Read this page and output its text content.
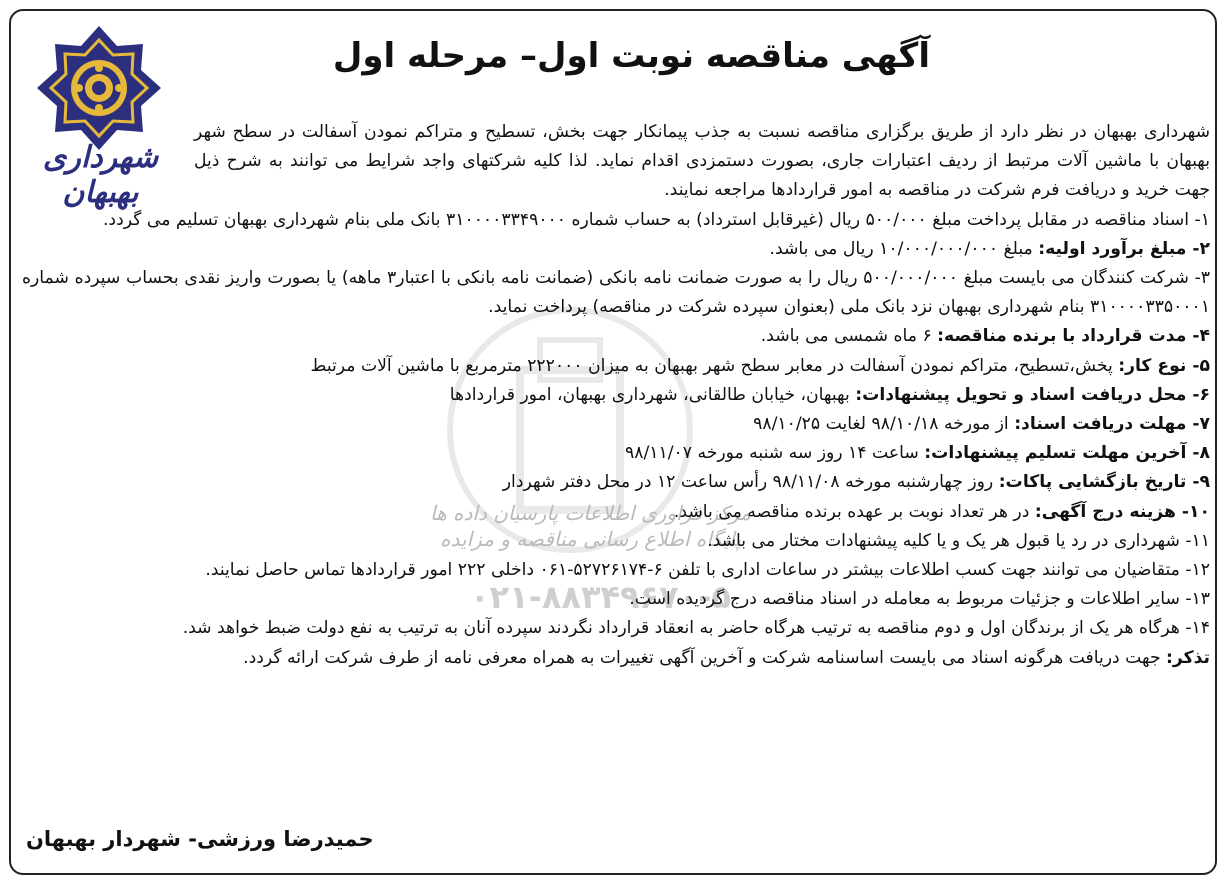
شهرداری بهبهان
مرکز فراوری اطلاعات پارسیان داده ها
پایگاه اطلاع رسانی مناقصه و مزایده
۰۲۱-۸۸۳۴۹۶۷۰-۵
آگهی مناقصه نوبت اول– مرحله اول

شهرداری بهبهان در نظر دارد از طریق برگزاری مناقصه نسبت به جذب پیمانکار جهت بخش، تسطیح و متراکم نمودن آسفالت در سطح شهر بهبهان با ماشین آلات مرتبط از ردیف اعتبارات جاری، بصورت دستمزدی اقدام نماید. لذا کلیه شرکتهای واجد شرایط می توانند به شرح ذیل جهت خرید و دریافت فرم شرکت در مناقصه به امور قراردادها مراجعه نمایند.

۱- اسناد مناقصه در مقابل پرداخت مبلغ ۵۰۰/۰۰۰ ریال (غیرقابل استرداد) به حساب شماره ۳۱۰۰۰۰۳۳۴۹۰۰۰ بانک ملی بنام شهرداری بهبهان تسلیم می گردد.

۲- مبلغ برآورد اولیه: مبلغ ۱۰/۰۰۰/۰۰۰/۰۰۰ ریال می باشد.

۳- شرکت کنندگان می بایست مبلغ ۵۰۰/۰۰۰/۰۰۰ ریال را به صورت ضمانت نامه بانکی (ضمانت نامه بانکی با اعتبار۳ ماهه) یا بصورت واریز نقدی بحساب سپرده شماره ۳۱۰۰۰۰۳۳۵۰۰۰۱ بنام شهرداری بهبهان نزد بانک ملی (بعنوان سپرده شرکت در مناقصه) پرداخت نماید.

۴- مدت قرارداد با برنده مناقصه: ۶ ماه شمسی می باشد.

۵- نوع کار: پخش،تسطیح، متراکم نمودن آسفالت در معابر سطح شهر بهبهان به میزان ۲۲۲۰۰۰ مترمربع با ماشین آلات مرتبط

۶- محل دریافت اسناد و تحویل پیشنهادات: بهبهان، خیابان طالقانی، شهرداری بهبهان، امور قراردادها

۷- مهلت دریافت اسناد: از مورخه ۹۸/۱۰/۱۸ لغایت ۹۸/۱۰/۲۵

۸- آخرین مهلت تسلیم پیشنهادات: ساعت ۱۴ روز سه شنبه مورخه ۹۸/۱۱/۰۷

۹- تاریخ بازگشایی پاکات: روز چهارشنبه مورخه ۹۸/۱۱/۰۸ رأس ساعت ۱۲ در محل دفتر شهردار

۱۰- هزینه درج آگهی: در هر تعداد نوبت بر عهده برنده مناقصه می باشد.

۱۱- شهرداری در رد یا قبول هر یک و یا کلیه پیشنهادات مختار می باشد.

۱۲- متقاضیان می توانند جهت کسب اطلاعات بیشتر در ساعات اداری با تلفن ۶-۵۲۷۲۶۱۷۴-۰۶۱ داخلی ۲۲۲ امور قراردادها تماس حاصل نمایند.

۱۳- سایر اطلاعات و جزئیات مربوط به معامله در اسناد مناقصه درج گردیده است.

۱۴- هرگاه هر یک از برندگان اول و دوم مناقصه به ترتیب هرگاه حاضر به انعقاد قرارداد نگردند سپرده آنان به ترتیب به نفع دولت ضبط خواهد شد.

تذکر: جهت دریافت هرگونه اسناد می بایست اساسنامه شرکت و آخرین آگهی تغییرات به همراه معرفی نامه از طرف شرکت ارائه گردد.

حمیدرضا ورزشی- شهردار بهبهان
